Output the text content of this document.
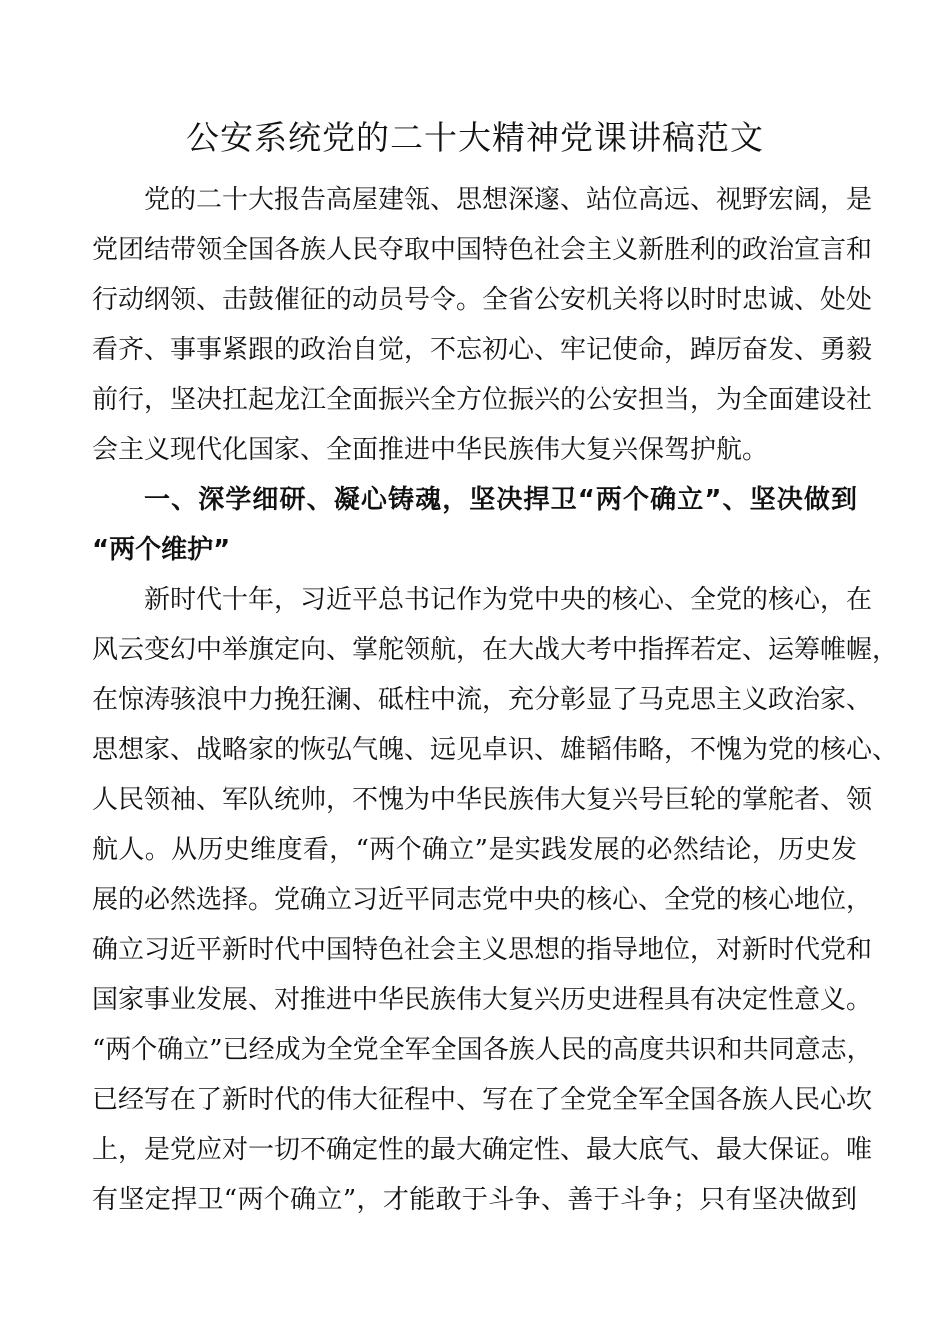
公安系统党的二十大精神党课讲稿范文

党的二十大报告高屋建瓴、思想深邃、站位高远、视野宏阔，是

党团结带领全国各族人民夺取中国特色社会主义新胜利的政治宣言和

行动纲领、击鼓催征的动员号令。全省公安机关将以时时忠诚、处处

看齐、事事紧跟的政治自觉，不忘初心、牢记使命，踔厉奋发、勇毅

前行，坚决扛起龙江全面振兴全方位振兴的公安担当，为全面建设社

会主义现代化国家、全面推进中华民族伟大复兴保驾护航。

一、深学细研、凝心铸魂，坚决捍卫“两个确立”、坚决做到

“两个维护”

新时代十年，习近平总书记作为党中央的核心、全党的核心，在

风云变幻中举旗定向、掌舵领航，在大战大考中指挥若定、运筹帷幄，

在惊涛骇浪中力挽狂澜、砥柱中流，充分彰显了马克思主义政治家、

思想家、战略家的恢弘气魄、远见卓识、雄韬伟略，不愧为党的核心、

人民领袖、军队统帅，不愧为中华民族伟大复兴号巨轮的掌舵者、领

航人。从历史维度看，“两个确立”是实践发展的必然结论，历史发

展的必然选择。党确立习近平同志党中央的核心、全党的核心地位，

确立习近平新时代中国特色社会主义思想的指导地位，对新时代党和

国家事业发展、对推进中华民族伟大复兴历史进程具有决定性意义。

“两个确立”已经成为全党全军全国各族人民的高度共识和共同意志，

已经写在了新时代的伟大征程中、写在了全党全军全国各族人民心坎

上，是党应对一切不确定性的最大确定性、最大底气、最大保证。唯

有坚定捍卫“两个确立”，才能敢于斗争、善于斗争；只有坚决做到
